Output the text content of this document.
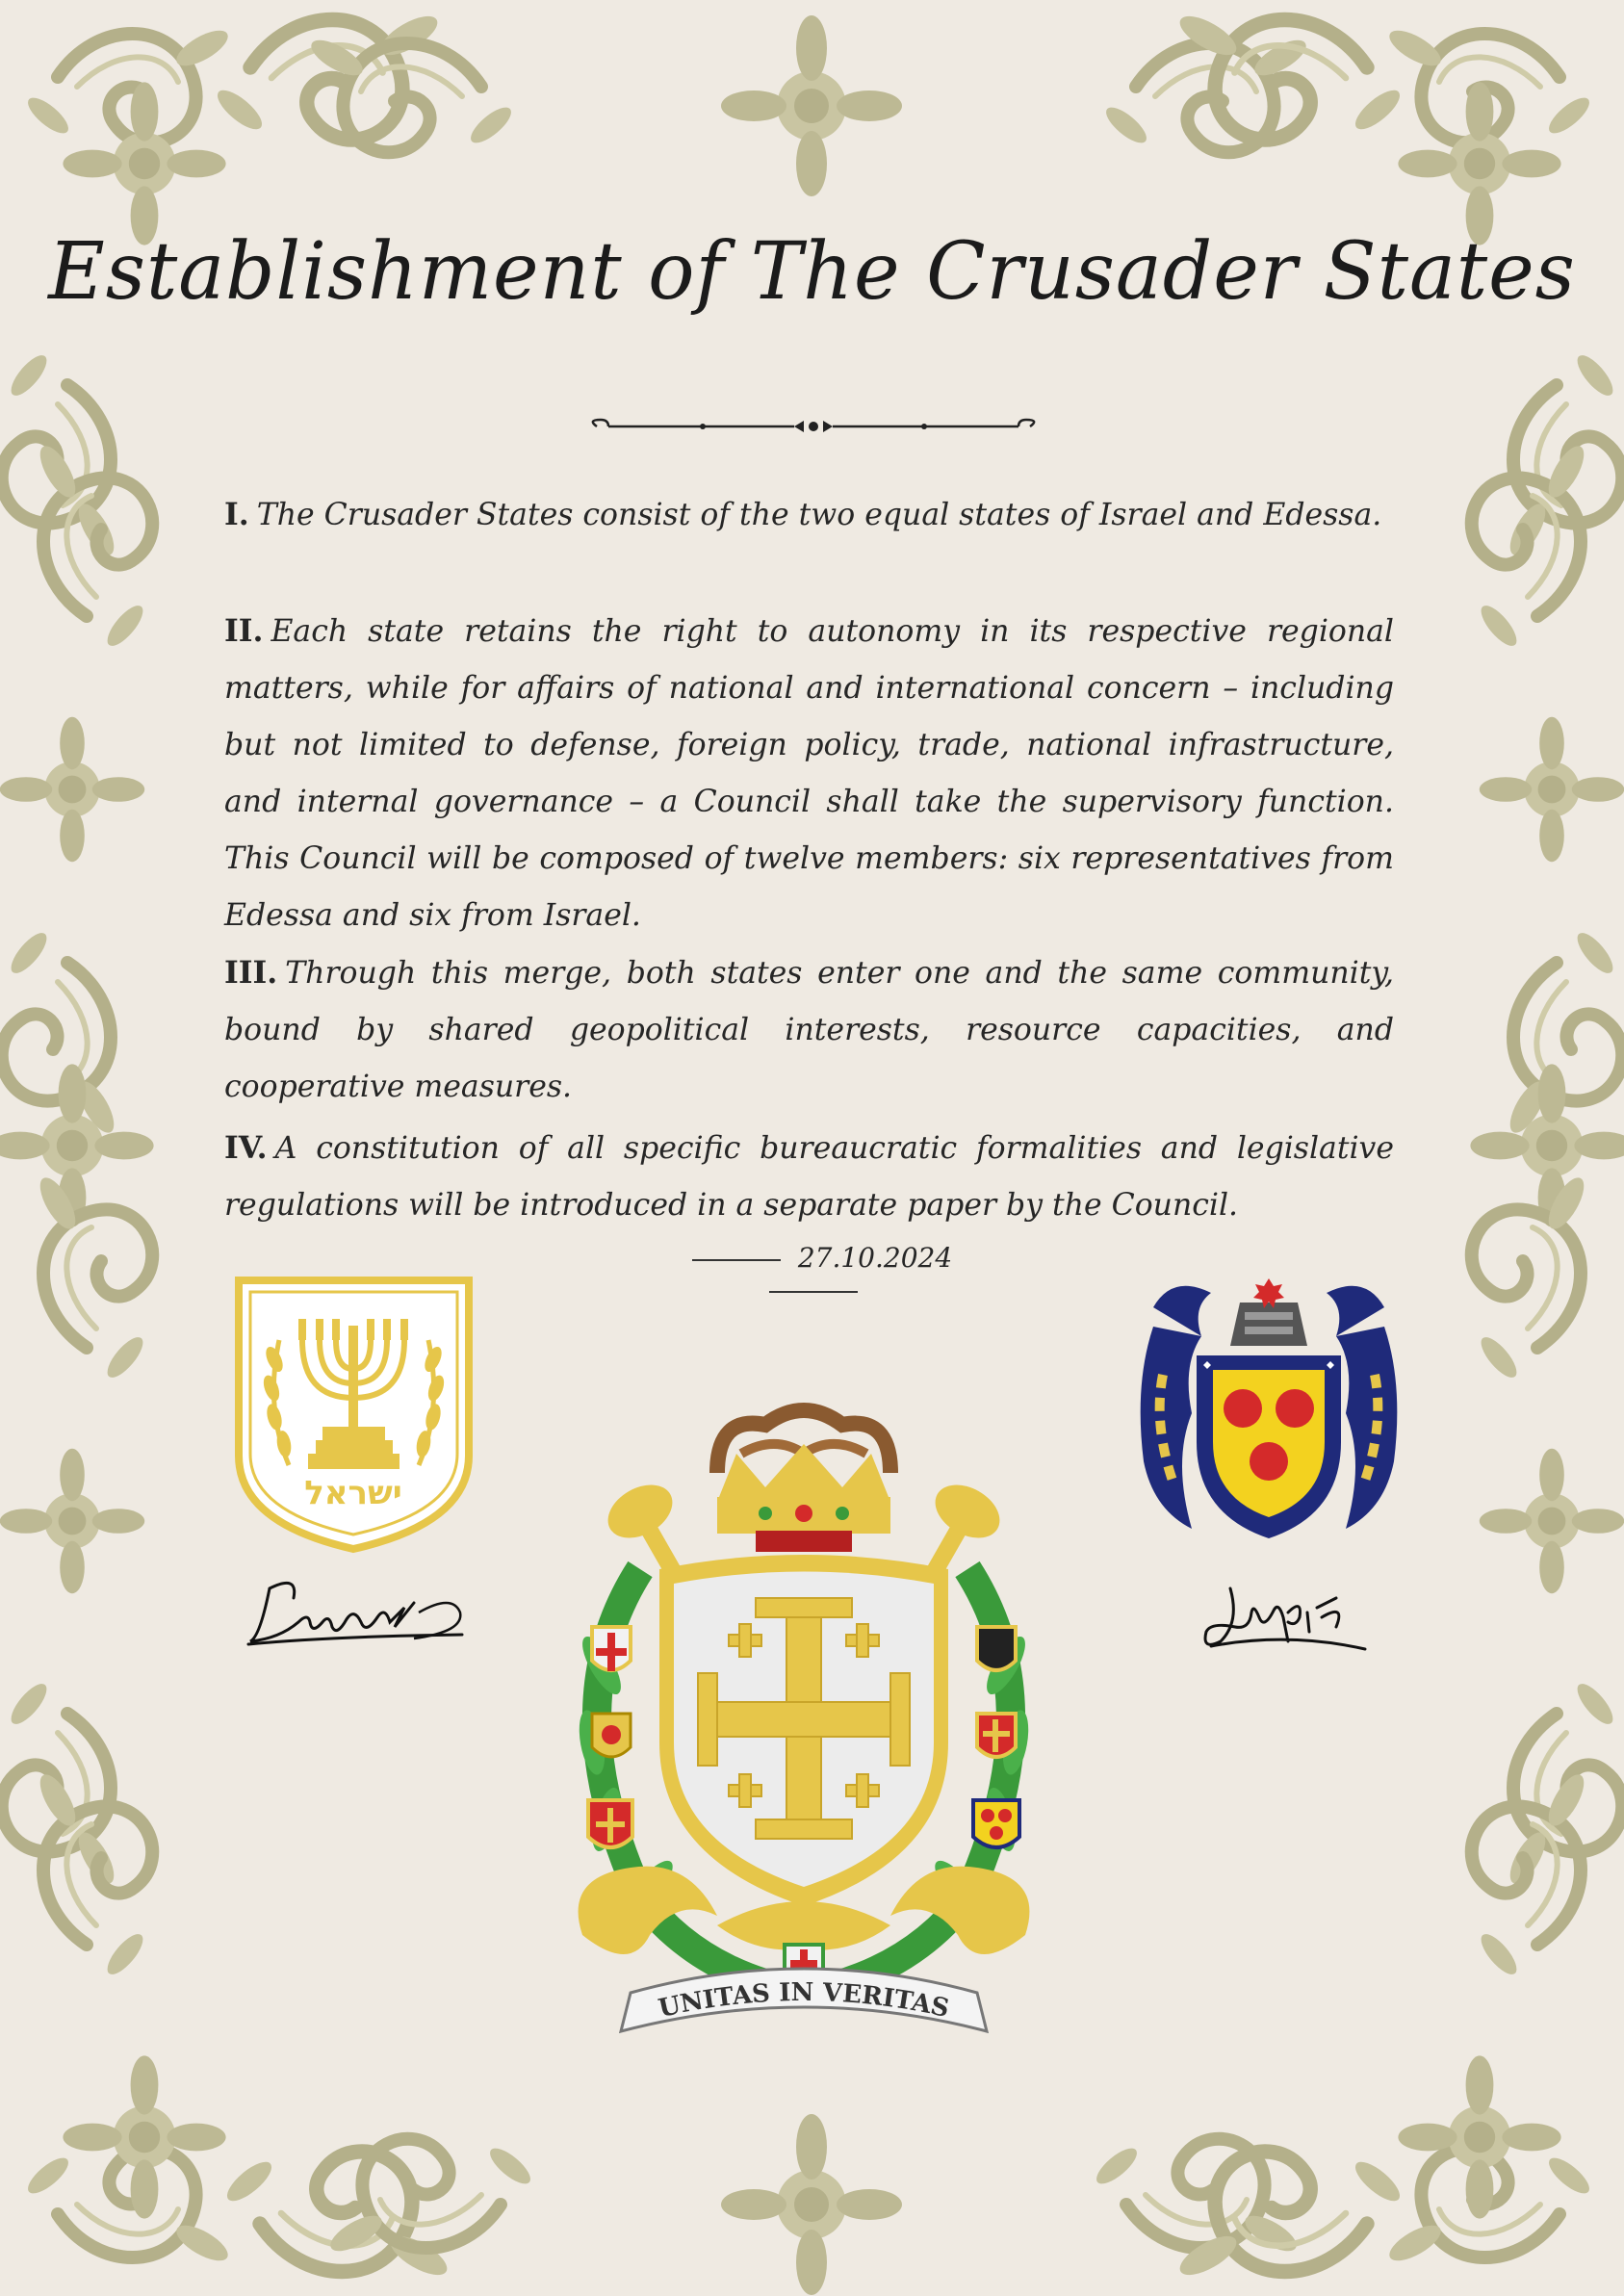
Establishment of The Crusader States
I. The Crusader States consist of the two equal states of Israel and Edessa.
II. Each state retains the right to autonomy in its respective regional matters, while for affairs of national and international concern – including but not limited to defense, foreign policy, trade, national infrastructure, and internal governance – a Council shall take the supervisory function. This Council will be composed of twelve members: six representatives from Edessa and six from Israel.
III. Through this merge, both states enter one and the same community, bound by shared geopolitical interests, resource capacities, and cooperative measures.
IV. A constitution of all specific bureaucratic formalities and legislative regulations will be introduced in a separate paper by the Council.
27.10.2024
ישראל
UNITAS IN VERITAS
